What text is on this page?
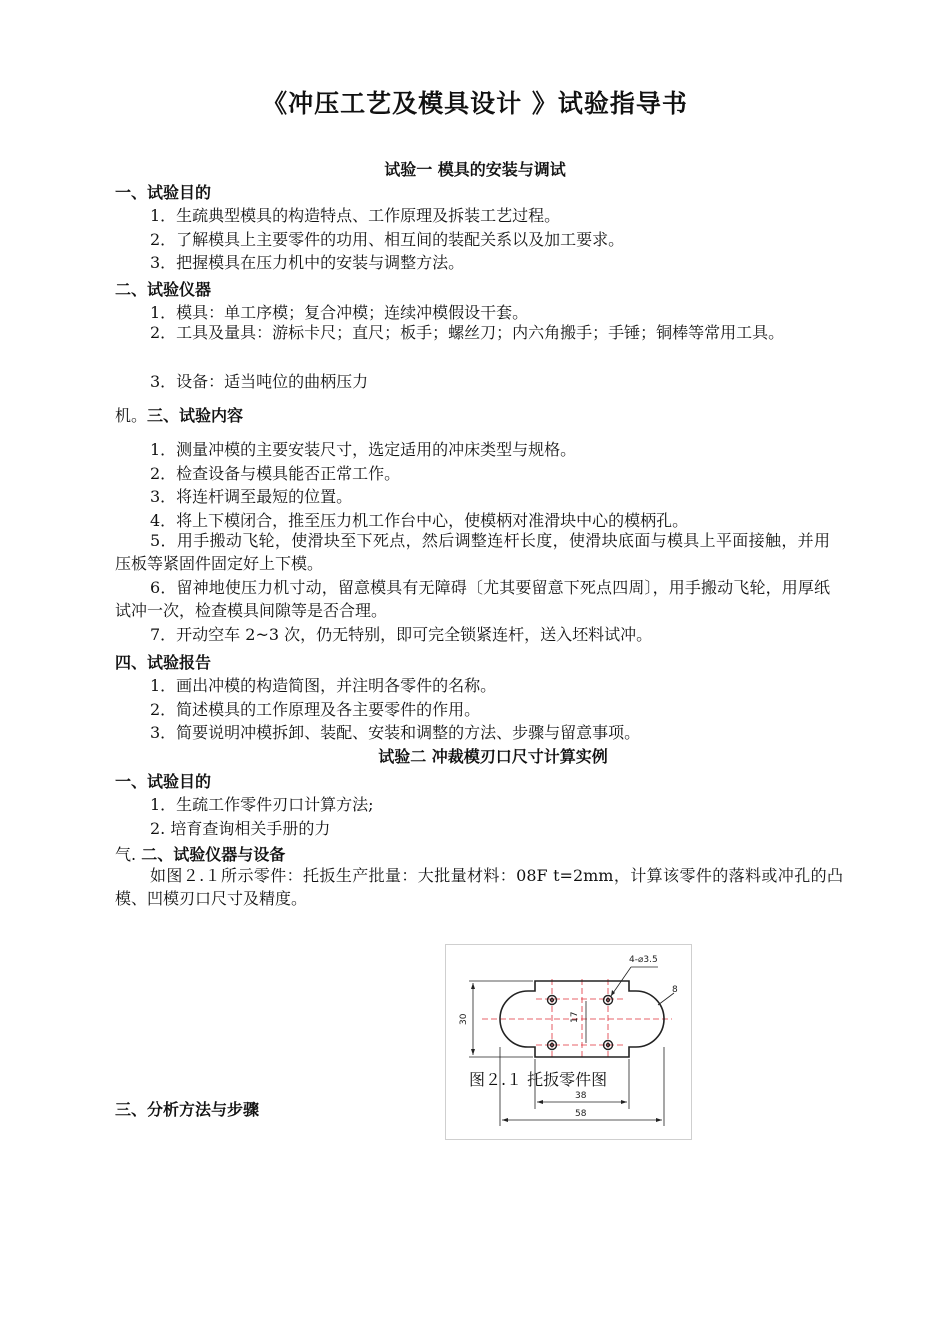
《冲压工艺及模具设计 》试验指导书
试验一 模具的安装与调试
一、试验目的
1．生疏典型模具的构造特点、工作原理及拆装工艺过程。
2．了解模具上主要零件的功用、相互间的装配关系以及加工要求。
3．把握模具在压力机中的安装与调整方法。
二、试验仪器
1．模具：单工序模；复合冲模；连续冲模假设干套。
2．工具及量具：游标卡尺；直尺；板手；螺丝刀；内六角搬手；手锤；铜棒等常用工具。
3．设备：适当吨位的曲柄压力
机。三、试验内容
1．测量冲模的主要安装尺寸，选定适用的冲床类型与规格。
2．检查设备与模具能否正常工作。
3．将连杆调至最短的位置。
4．将上下模闭合，推至压力机工作台中心，使模柄对准滑块中心的模柄孔。
5．用手搬动飞轮，使滑块至下死点，然后调整连杆长度，使滑块底面与模具上平面接触，并用压板等紧固件固定好上下模。
6．留神地使压力机寸动，留意模具有无障碍〔尤其要留意下死点四周〕，用手搬动飞轮，用厚纸试冲一次，检查模具间隙等是否合理。
7．开动空车 2~3 次，仍无特别，即可完全锁紧连杆，送入坯料试冲。
四、试验报告
1．画出冲模的构造简图，并注明各零件的名称。
2．简述模具的工作原理及各主要零件的作用。
3．简要说明冲模拆卸、装配、安装和调整的方法、步骤与留意事项。
试验二 冲裁模刃口尺寸计算实例
一、试验目的
1．生疏工作零件刃口计算方法;
2. 培育查询相关手册的力
气. 二、试验仪器与设备
如图２.１所示零件：托扳生产批量：大批量材料：08F t=2mm，计算该零件的落料或冲孔的凸模、凹模刃口尺寸及精度。
三、分析方法与步骤
4-⌀3.5
8
30	17
38
58
图２.１ 托扳零件图
